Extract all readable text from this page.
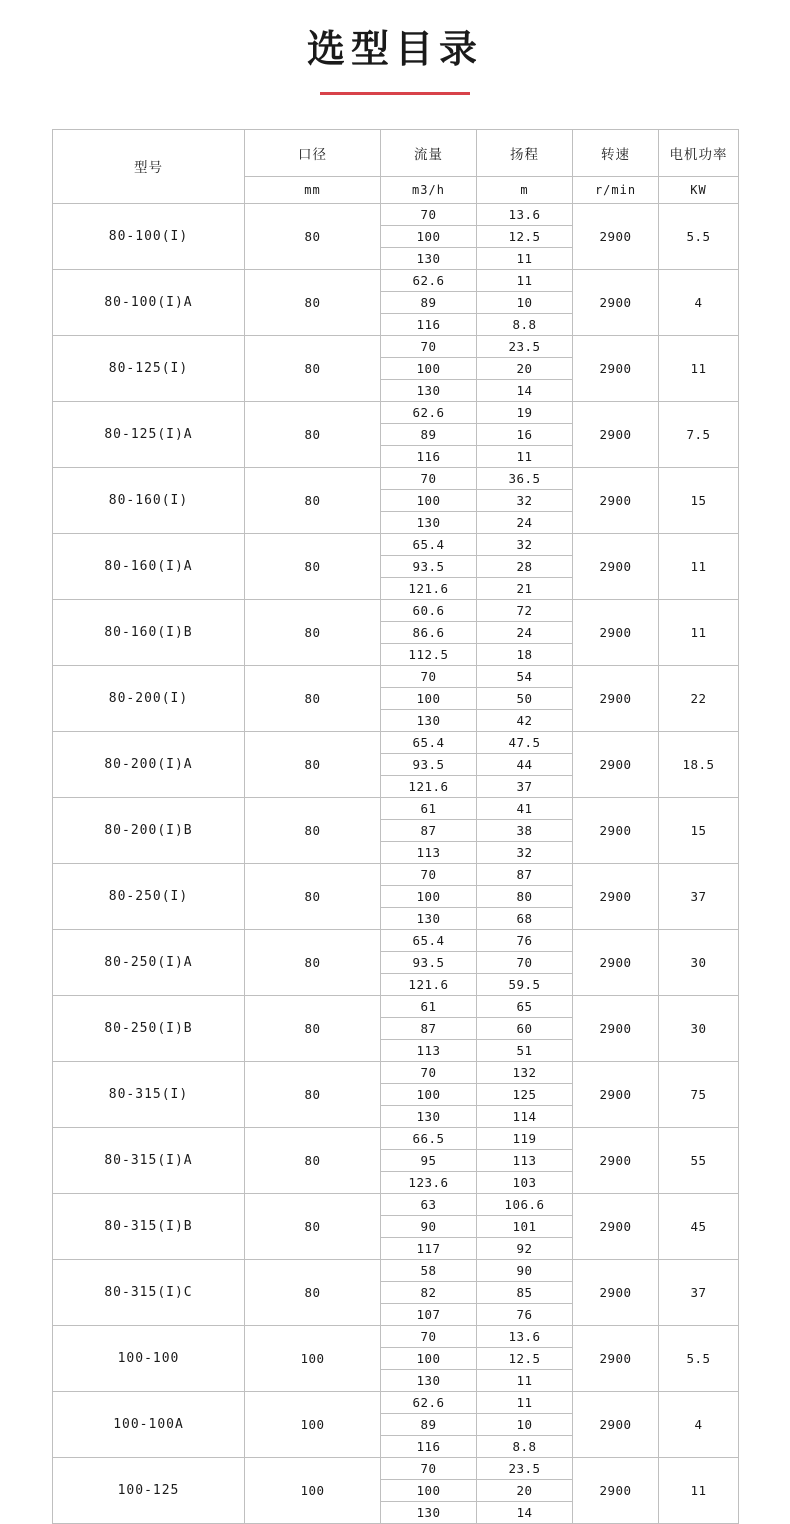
选型目录
型号	口径	流量	扬程	转速	电机功率
	mm	m3/h	m	r/min	KW
80-100(I)	80	70	13.6	2900	5.5
		100	12.5		
		130	11		
80-100(I)A	80	62.6	11	2900	4
		89	10		
		116	8.8		
80-125(I)	80	70	23.5	2900	11
		100	20		
		130	14		
80-125(I)A	80	62.6	19	2900	7.5
		89	16		
		116	11		
80-160(I)	80	70	36.5	2900	15
		100	32		
		130	24		
80-160(I)A	80	65.4	32	2900	11
		93.5	28		
		121.6	21		
80-160(I)B	80	60.6	72	2900	11
		86.6	24		
		112.5	18		
80-200(I)	80	70	54	2900	22
		100	50		
		130	42		
80-200(I)A	80	65.4	47.5	2900	18.5
		93.5	44		
		121.6	37		
80-200(I)B	80	61	41	2900	15
		87	38		
		113	32		
80-250(I)	80	70	87	2900	37
		100	80		
		130	68		
80-250(I)A	80	65.4	76	2900	30
		93.5	70		
		121.6	59.5		
80-250(I)B	80	61	65	2900	30
		87	60		
		113	51		
80-315(I)	80	70	132	2900	75
		100	125		
		130	114		
80-315(I)A	80	66.5	119	2900	55
		95	113		
		123.6	103		
80-315(I)B	80	63	106.6	2900	45
		90	101		
		117	92		
80-315(I)C	80	58	90	2900	37
		82	85		
		107	76		
100-100	100	70	13.6	2900	5.5
		100	12.5		
		130	11		
100-100A	100	62.6	11	2900	4
		89	10		
		116	8.8		
100-125	100	70	23.5	2900	11
		100	20		
		130	14		
